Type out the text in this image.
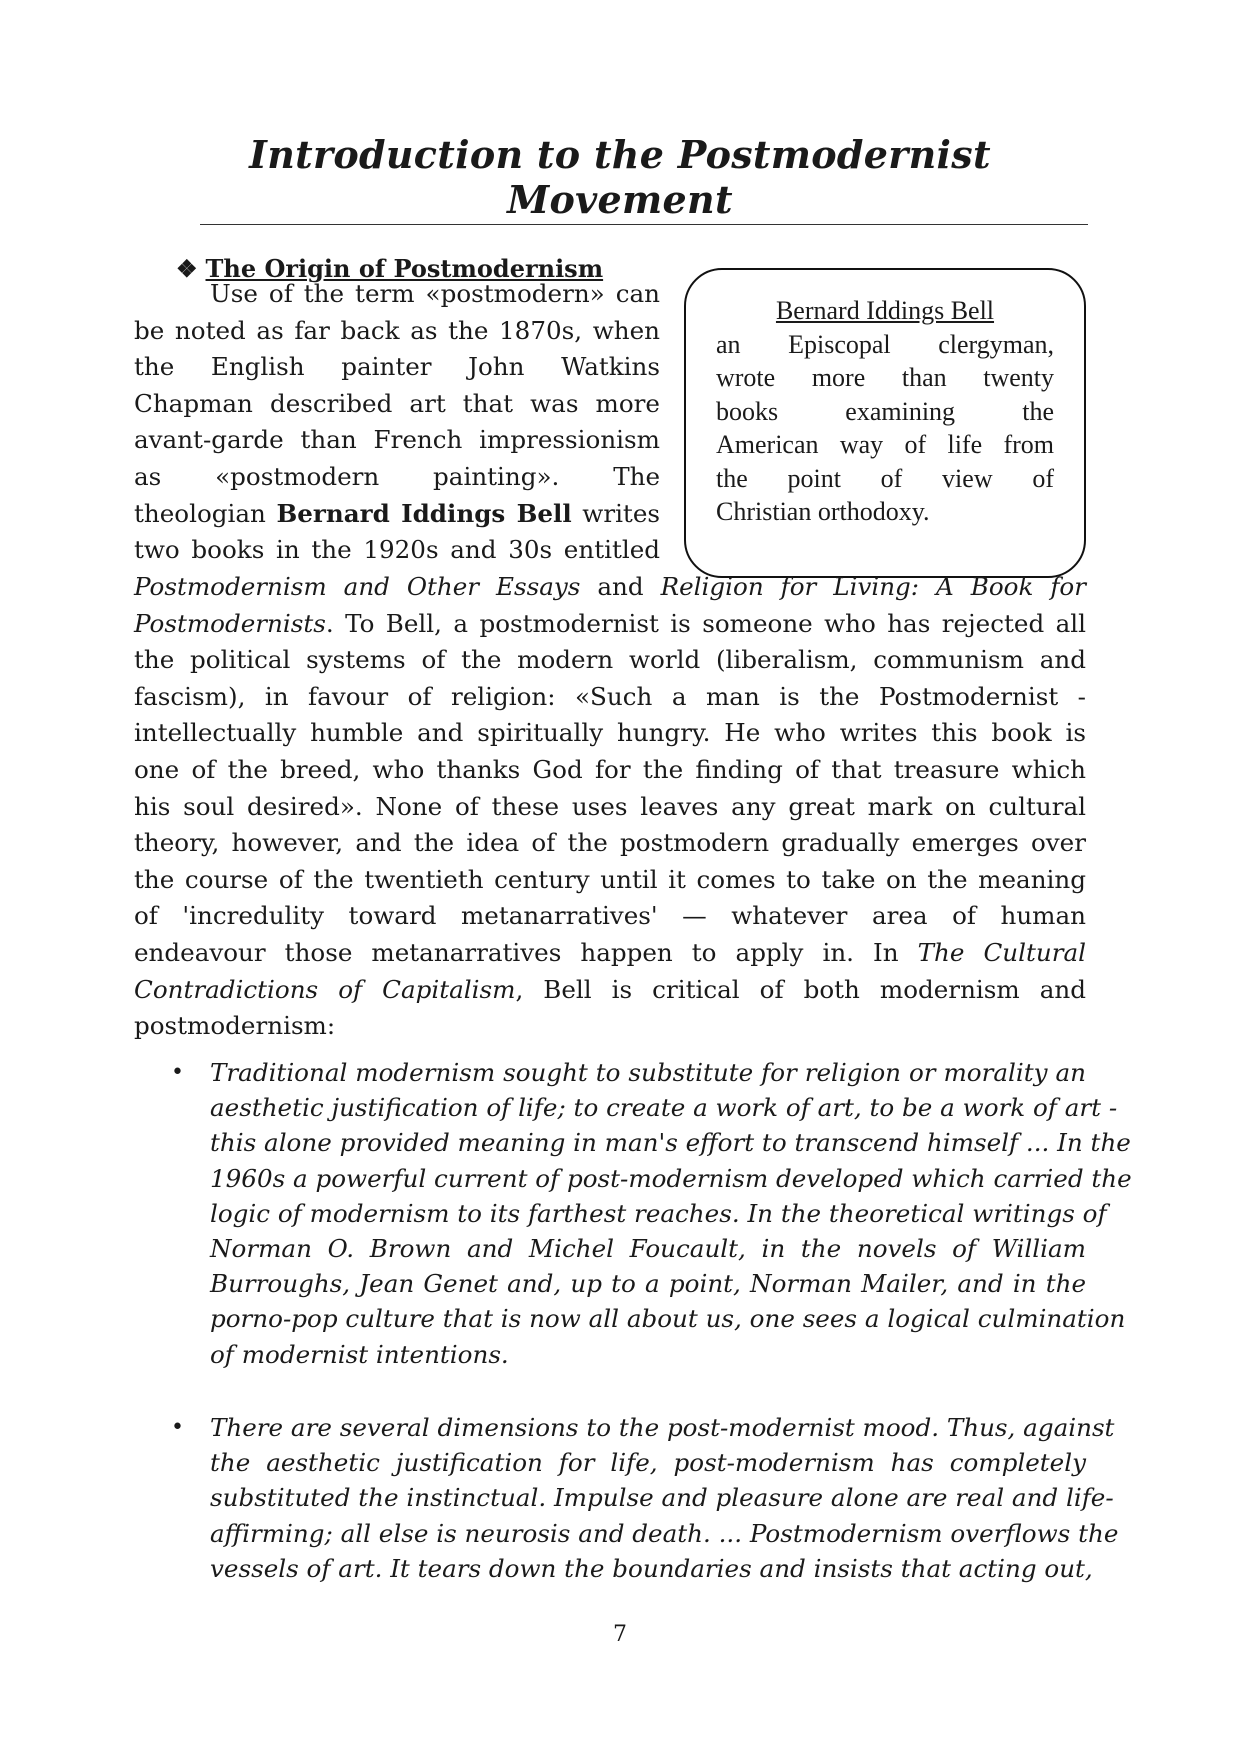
Introduction to the Postmodernist Movement
❖ The Origin of Postmodernism
Use of the term «postmodern» can
be noted as far back as the 1870s, when
the English painter John Watkins
Chapman described art that was more
avant-garde than French impressionism
as «postmodern painting». The
theologian Bernard Iddings Bell writes
two books in the 1920s and 30s entitled
Bernard Iddings Bell
an Episcopal clergyman,
wrote more than twenty
books examining the
American way of life from
the point of view of
Christian orthodoxy.
Postmodernism and Other Essays and Religion for Living: A Book for
Postmodernists. To Bell, a postmodernist is someone who has rejected all
the political systems of the modern world (liberalism, communism and
fascism), in favour of religion: «Such a man is the Postmodernist -
intellectually humble and spiritually hungry. He who writes this book is
one of the breed, who thanks God for the finding of that treasure which
his soul desired». None of these uses leaves any great mark on cultural
theory, however, and the idea of the postmodern gradually emerges over
the course of the twentieth century until it comes to take on the meaning
of 'incredulity toward metanarratives' — whatever area of human
endeavour those metanarratives happen to apply in. In The Cultural
Contradictions of Capitalism, Bell is critical of both modernism and
postmodernism:
• Traditional modernism sought to substitute for religion or morality an
aesthetic justification of life; to create a work of art, to be a work of art -
this alone provided meaning in man's effort to transcend himself ... In the
1960s a powerful current of post-modernism developed which carried the
logic of modernism to its farthest reaches. In the theoretical writings of
Norman O. Brown and Michel Foucault, in the novels of William
Burroughs, Jean Genet and, up to a point, Norman Mailer, and in the
porno-pop culture that is now all about us, one sees a logical culmination
of modernist intentions.
• There are several dimensions to the post-modernist mood. Thus, against
the aesthetic justification for life, post-modernism has completely
substituted the instinctual. Impulse and pleasure alone are real and life-
affirming; all else is neurosis and death. ... Postmodernism overflows the
vessels of art. It tears down the boundaries and insists that acting out,
7
